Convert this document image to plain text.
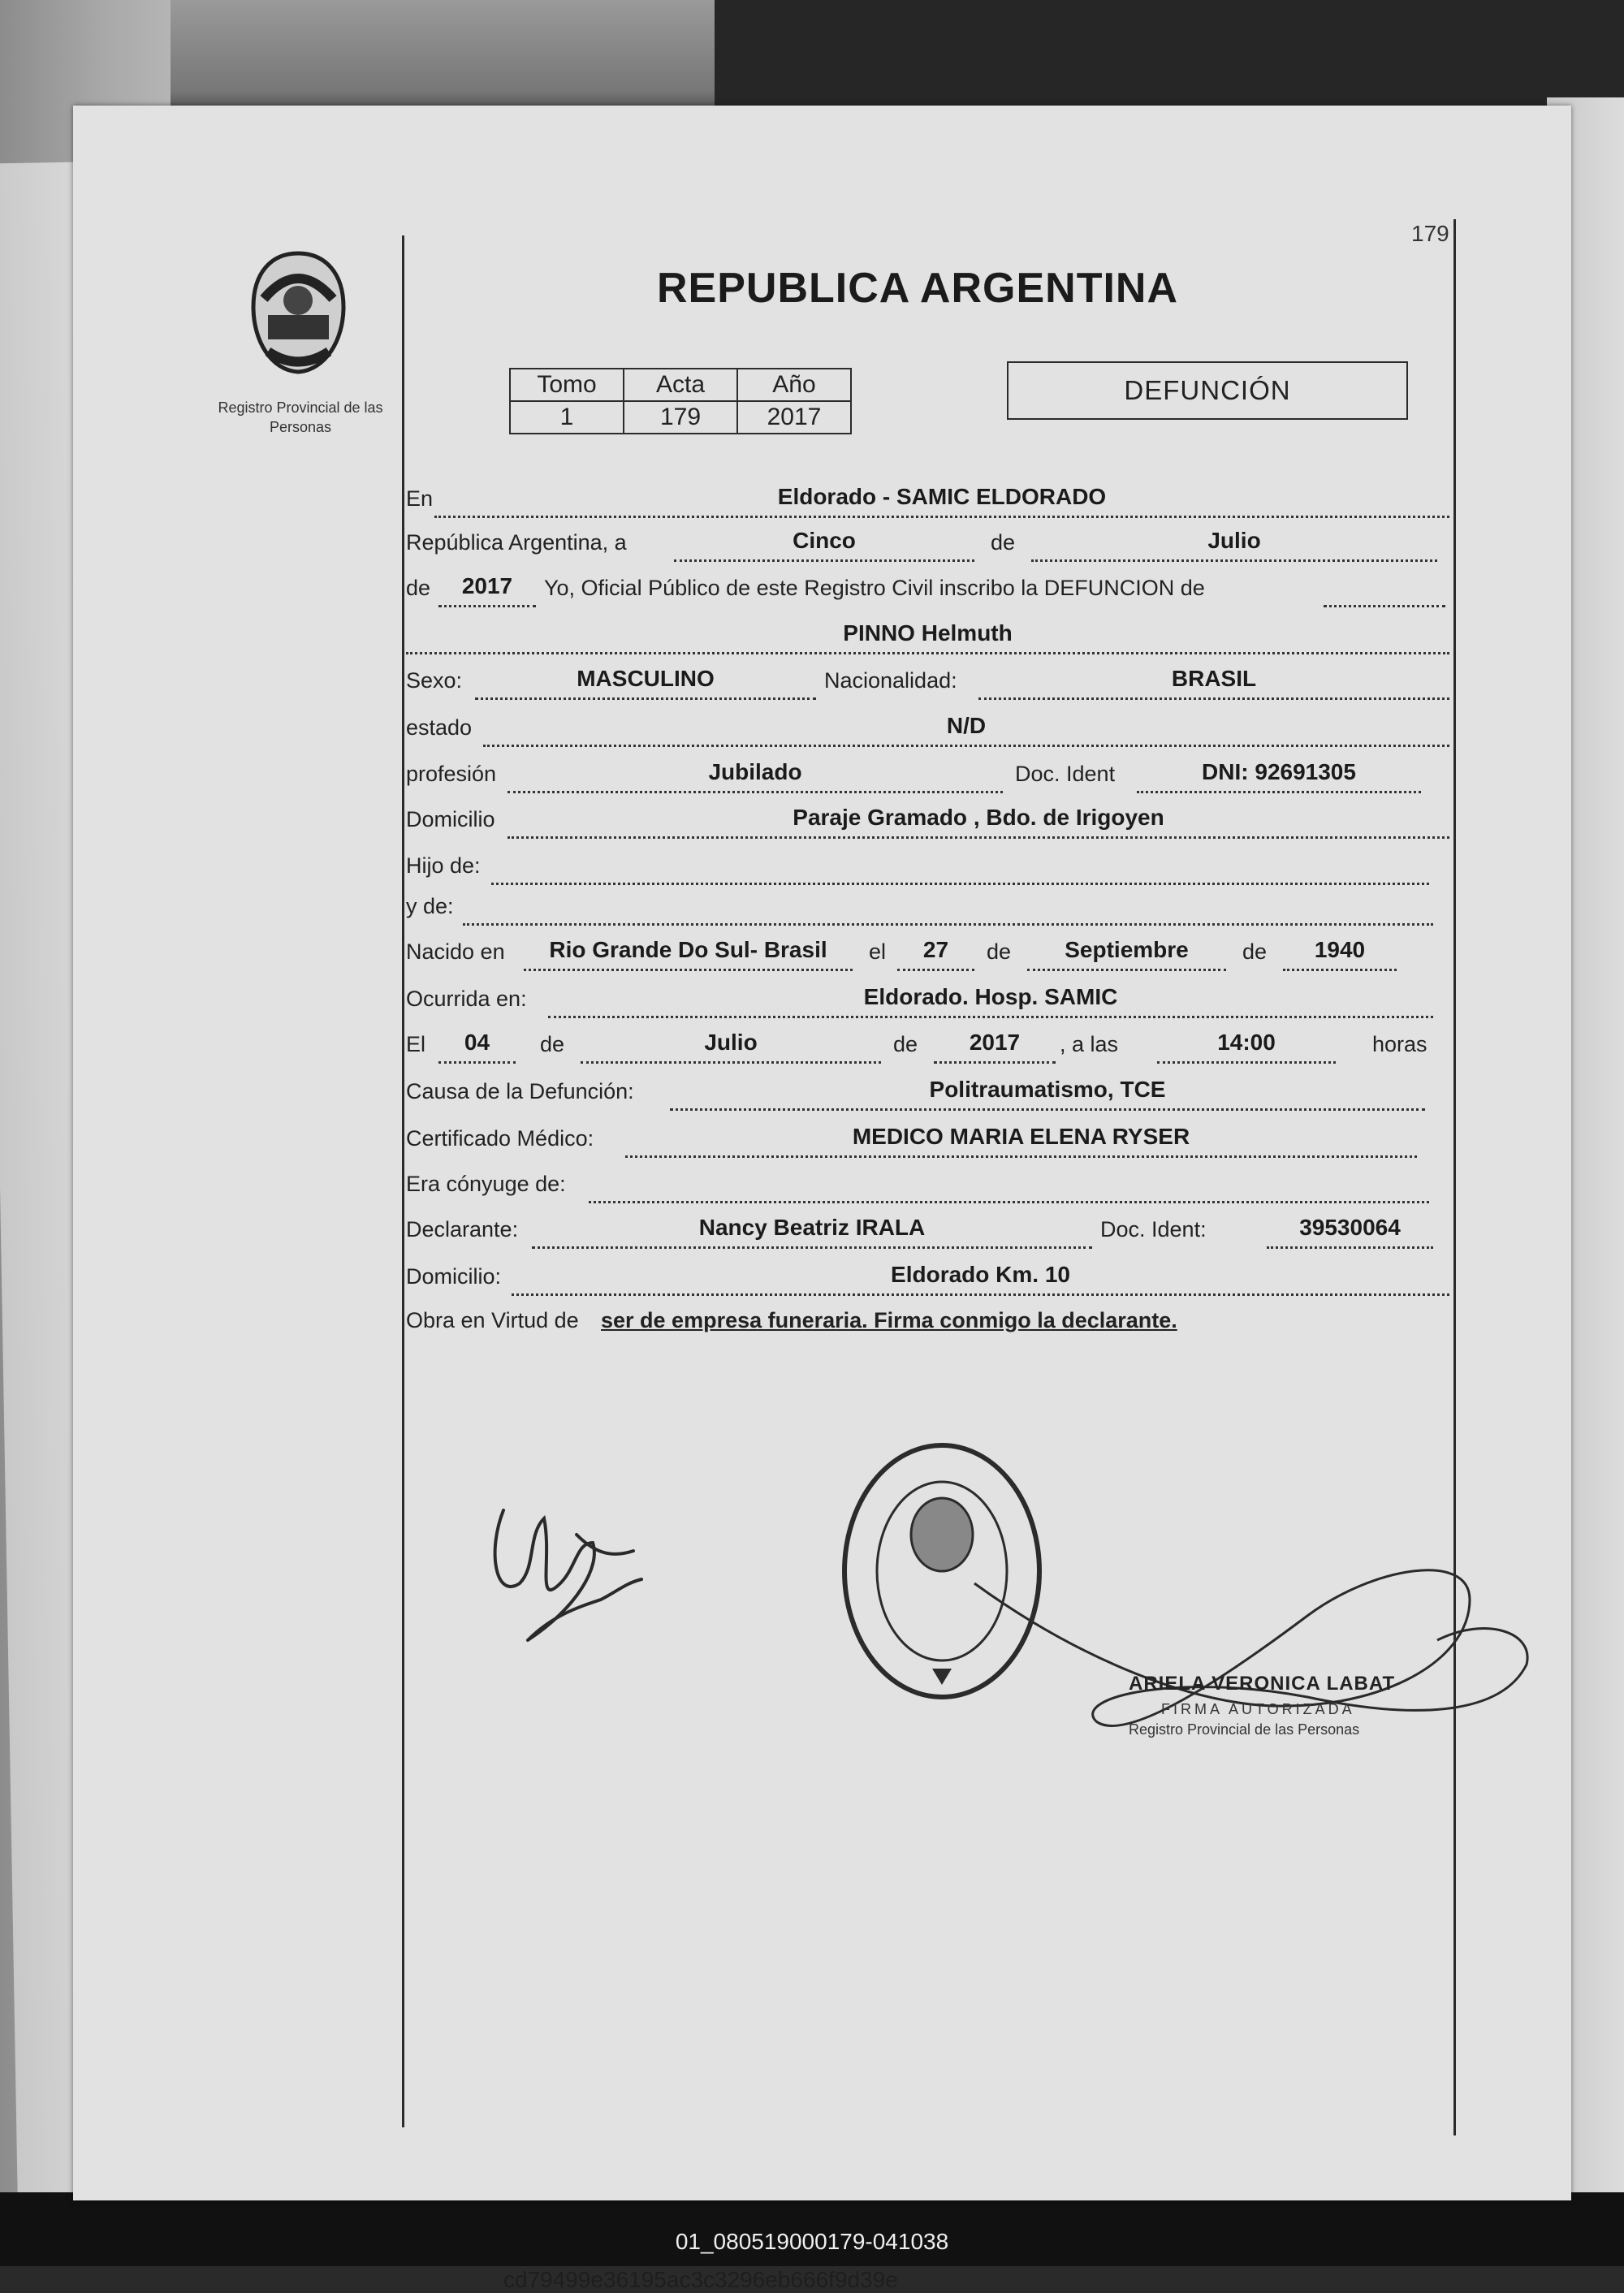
179
Registro Provincial de las Personas
REPUBLICA ARGENTINA
Tomo	Acta	Año
1	179	2017
DEFUNCIÓN
En	Eldorado - SAMIC ELDORADO
República Argentina, a	Cinco	de	Julio
de	2017	Yo, Oficial Público de este Registro Civil inscribo la DEFUNCION de
PINNO Helmuth
Sexo:	MASCULINO	Nacionalidad:	BRASIL
estado	N/D
profesión	Jubilado	Doc. Ident	DNI: 92691305
Domicilio	Paraje Gramado , Bdo. de Irigoyen
Hijo de:
y de:
Nacido en	Rio Grande Do Sul- Brasil	el	27	de	Septiembre	de	1940
Ocurrida en:	Eldorado. Hosp. SAMIC
El	04	de	Julio	de	2017	, a las	14:00	horas
Causa de la Defunción:	Politraumatismo, TCE
Certificado Médico:	MEDICO MARIA ELENA RYSER
Era cónyuge de:
Declarante:	Nancy Beatriz IRALA	Doc. Ident:	39530064
Domicilio:	Eldorado Km. 10
Obra en Virtud de ser de empresa funeraria. Firma conmigo la declarante.
ARIELA VERONICA LABAT
FIRMA AUTORIZADA
Registro Provincial de las Personas
cd79499e36195ac3c3296eb666f9d39e
01_080519000179-041038
